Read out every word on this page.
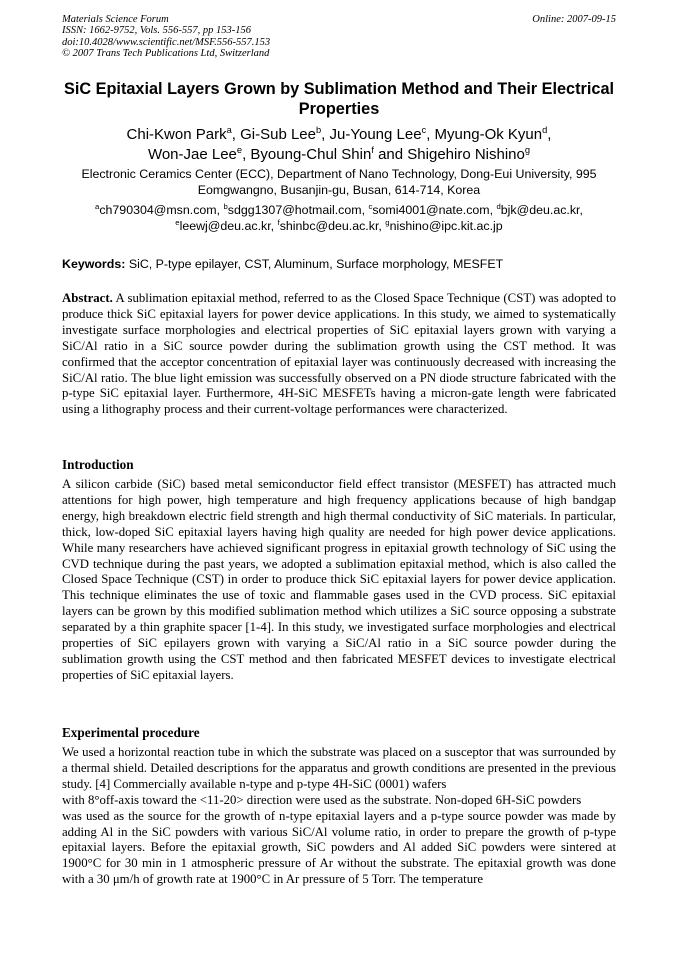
Materials Science Forum
ISSN: 1662-9752, Vols. 556-557, pp 153-156
doi:10.4028/www.scientific.net/MSF.556-557.153
© 2007 Trans Tech Publications Ltd, Switzerland
Online: 2007-09-15
SiC Epitaxial Layers Grown by Sublimation Method and Their Electrical Properties
Chi-Kwon Park$^a$, Gi-Sub Lee$^b$, Ju-Young Lee$^c$, Myung-Ok Kyun$^d$,
Won-Jae Lee$^e$, Byoung-Chul Shin$^f$ and Shigehiro Nishino$^g$
Electronic Ceramics Center (ECC), Department of Nano Technology, Dong-Eui University, 995
Eomgwangno, Busanjin-gu, Busan, 614-714, Korea
$^a$ch790304@msn.com, $^b$sdgg1307@hotmail.com, $^c$somi4001@nate.com, $^d$bjk@deu.ac.kr,
$^e$leewj@deu.ac.kr, $^f$shinbc@deu.ac.kr, $^g$nishino@ipc.kit.ac.jp
Keywords: SiC, P-type epilayer, CST, Aluminum, Surface morphology, MESFET
Abstract. A sublimation epitaxial method, referred to as the Closed Space Technique (CST) was adopted to produce thick SiC epitaxial layers for power device applications. In this study, we aimed to systematically investigate surface morphologies and electrical properties of SiC epitaxial layers grown with varying a SiC/Al ratio in a SiC source powder during the sublimation growth using the CST method. It was confirmed that the acceptor concentration of epitaxial layer was continuously decreased with increasing the SiC/Al ratio. The blue light emission was successfully observed on a PN diode structure fabricated with the p-type SiC epitaxial layer. Furthermore, 4H-SiC MESFETs having a micron-gate length were fabricated using a lithography process and their current-voltage performances were characterized.
Introduction
A silicon carbide (SiC) based metal semiconductor field effect transistor (MESFET) has attracted much attentions for high power, high temperature and high frequency applications because of high bandgap energy, high breakdown electric field strength and high thermal conductivity of SiC materials. In particular, thick, low-doped SiC epitaxial layers having high quality are needed for high power device applications. While many researchers have achieved significant progress in epitaxial growth technology of SiC using the CVD technique during the past years, we adopted a sublimation epitaxial method, which is also called the Closed Space Technique (CST) in order to produce thick SiC epitaxial layers for power device application. This technique eliminates the use of toxic and flammable gases used in the CVD process. SiC epitaxial layers can be grown by this modified sublimation method which utilizes a SiC source opposing a substrate separated by a thin graphite spacer [1-4]. In this study, we investigated surface morphologies and electrical properties of SiC epilayers grown with varying a SiC/Al ratio in a SiC source powder during the sublimation growth using the CST method and then fabricated MESFET devices to investigate electrical properties of SiC epitaxial layers.
Experimental procedure

We used a horizontal reaction tube in which the substrate was placed on a susceptor that was surrounded by a thermal shield. Detailed descriptions for the apparatus and growth conditions are presented in the previous study. [4] Commercially available n-type and p-type 4H-SiC (0001) wafers

with 8°off-axis toward the <11-20> direction were used as the substrate. Non-doped 6H-SiC powders

was used as the source for the growth of n-type epitaxial layers and a p-type source powder was made by adding Al in the SiC powders with various SiC/Al volume ratio, in order to prepare the growth of p-type epitaxial layers. Before the epitaxial growth, SiC powders and Al added SiC powders were sintered at 1900°C for 30 min in 1 atmospheric pressure of Ar without the substrate. The epitaxial growth was done with a 30 μm/h of growth rate at 1900°C in Ar pressure of 5 Torr. The temperature
